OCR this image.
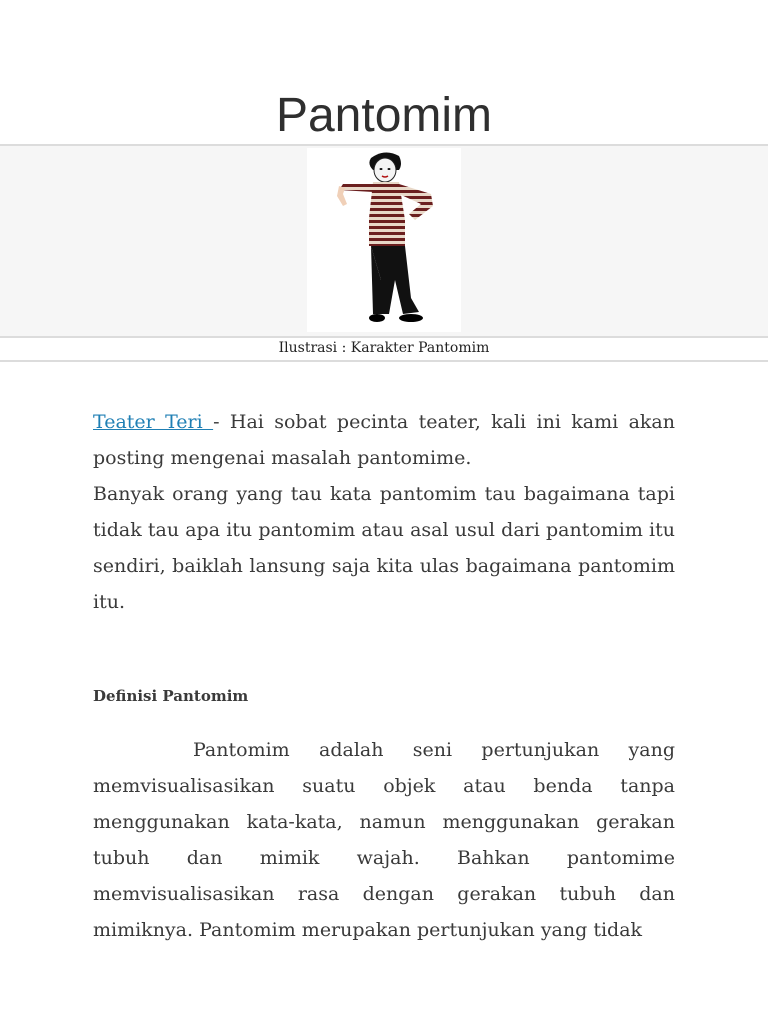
Pantomim
Ilustrasi : Karakter Pantomim

Teater Teri - Hai sobat pecinta teater, kali ini kami akan posting mengenai masalah pantomime.

Banyak orang yang tau kata pantomim tau bagaimana tapi tidak tau apa itu pantomim atau asal usul dari pantomim itu sendiri, baiklah lansung saja kita ulas bagaimana pantomim itu.

Definisi Pantomim

Pantomim adalah seni pertunjukan yang memvisualisasikan suatu objek atau benda tanpa menggunakan kata-kata, namun menggunakan gerakan tubuh dan mimik wajah. Bahkan pantomime memvisualisasikan rasa dengan gerakan tubuh dan mimiknya. Pantomim merupakan pertunjukan yang tidak
